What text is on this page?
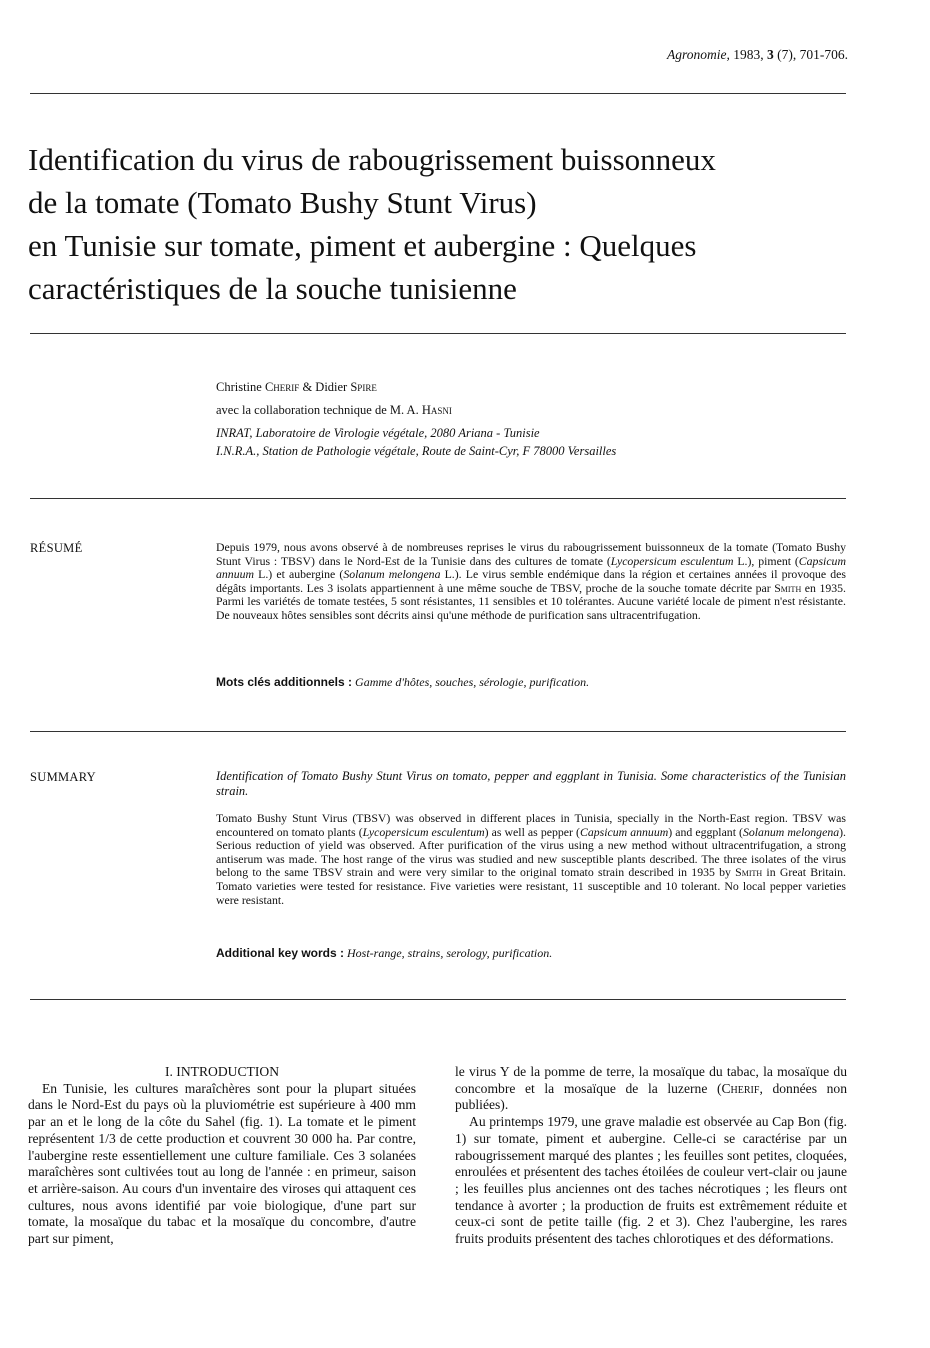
Agronomie, 1983, 3 (7), 701-706.
Identification du virus de rabougrissement buissonneux
de la tomate (Tomato Bushy Stunt Virus)
en Tunisie sur tomate, piment et aubergine : Quelques
caractéristiques de la souche tunisienne
Christine Cherif & Didier Spire
avec la collaboration technique de M. A. Hasni
INRAT, Laboratoire de Virologie végétale, 2080 Ariana - Tunisie
I.N.R.A., Station de Pathologie végétale, Route de Saint-Cyr, F 78000 Versailles
RÉSUMÉ	Depuis 1979, nous avons observé à de nombreuses reprises le virus du rabougrissement buissonneux de la tomate (Tomato Bushy Stunt Virus : TBSV) dans le Nord-Est de la Tunisie dans des cultures de tomate (Lycopersicum esculentum L.), piment (Capsicum annuum L.) et aubergine (Solanum melongena L.). Le virus semble endémique dans la région et certaines années il provoque des dégâts importants. Les 3 isolats appartiennent à une même souche de TBSV, proche de la souche tomate décrite par Smith en 1935. Parmi les variétés de tomate testées, 5 sont résistantes, 11 sensibles et 10 tolérantes. Aucune variété locale de piment n'est résistante. De nouveaux hôtes sensibles sont décrits ainsi qu'une méthode de purification sans ultracentrifugation.
Mots clés additionnels : Gamme d'hôtes, souches, sérologie, purification.
SUMMARY	Identification of Tomato Bushy Stunt Virus on tomato, pepper and eggplant in Tunisia. Some characteristics of the Tunisian strain.
Tomato Bushy Stunt Virus (TBSV) was observed in different places in Tunisia, specially in the North-East region. TBSV was encountered on tomato plants (Lycopersicum esculentum) as well as pepper (Capsicum annuum) and eggplant (Solanum melongena). Serious reduction of yield was observed. After purification of the virus using a new method without ultracentrifugation, a strong antiserum was made. The host range of the virus was studied and new susceptible plants described. The three isolates of the virus belong to the same TBSV strain and were very similar to the original tomato strain described in 1935 by Smith in Great Britain. Tomato varieties were tested for resistance. Five varieties were resistant, 11 susceptible and 10 tolerant. No local pepper varieties were resistant.
Additional key words : Host-range, strains, serology, purification.

I. INTRODUCTION

En Tunisie, les cultures maraîchères sont pour la plupart situées dans le Nord-Est du pays où la pluviométrie est supérieure à 400 mm par an et le long de la côte du Sahel (fig. 1). La tomate et le piment représentent 1/3 de cette production et couvrent 30 000 ha. Par contre, l'aubergine reste essentiellement une culture familiale. Ces 3 solanées maraîchères sont cultivées tout au long de l'année : en primeur, saison et arrière-saison. Au cours d'un inventaire des viroses qui attaquent ces cultures, nous avons identifié par voie biologique, d'une part sur tomate, la mosaïque du tabac et la mosaïque du concombre, d'autre part sur piment,

le virus Y de la pomme de terre, la mosaïque du tabac, la mosaïque du concombre et la mosaïque de la luzerne (Cherif, données non publiées).

Au printemps 1979, une grave maladie est observée au Cap Bon (fig. 1) sur tomate, piment et aubergine. Celle-ci se caractérise par un rabougrissement marqué des plantes ; les feuilles sont petites, cloquées, enroulées et présentent des taches étoilées de couleur vert-clair ou jaune ; les feuilles plus anciennes ont des taches nécrotiques ; les fleurs ont tendance à avorter ; la production de fruits est extrêmement réduite et ceux-ci sont de petite taille (fig. 2 et 3). Chez l'aubergine, les rares fruits produits présentent des taches chlorotiques et des déformations.
